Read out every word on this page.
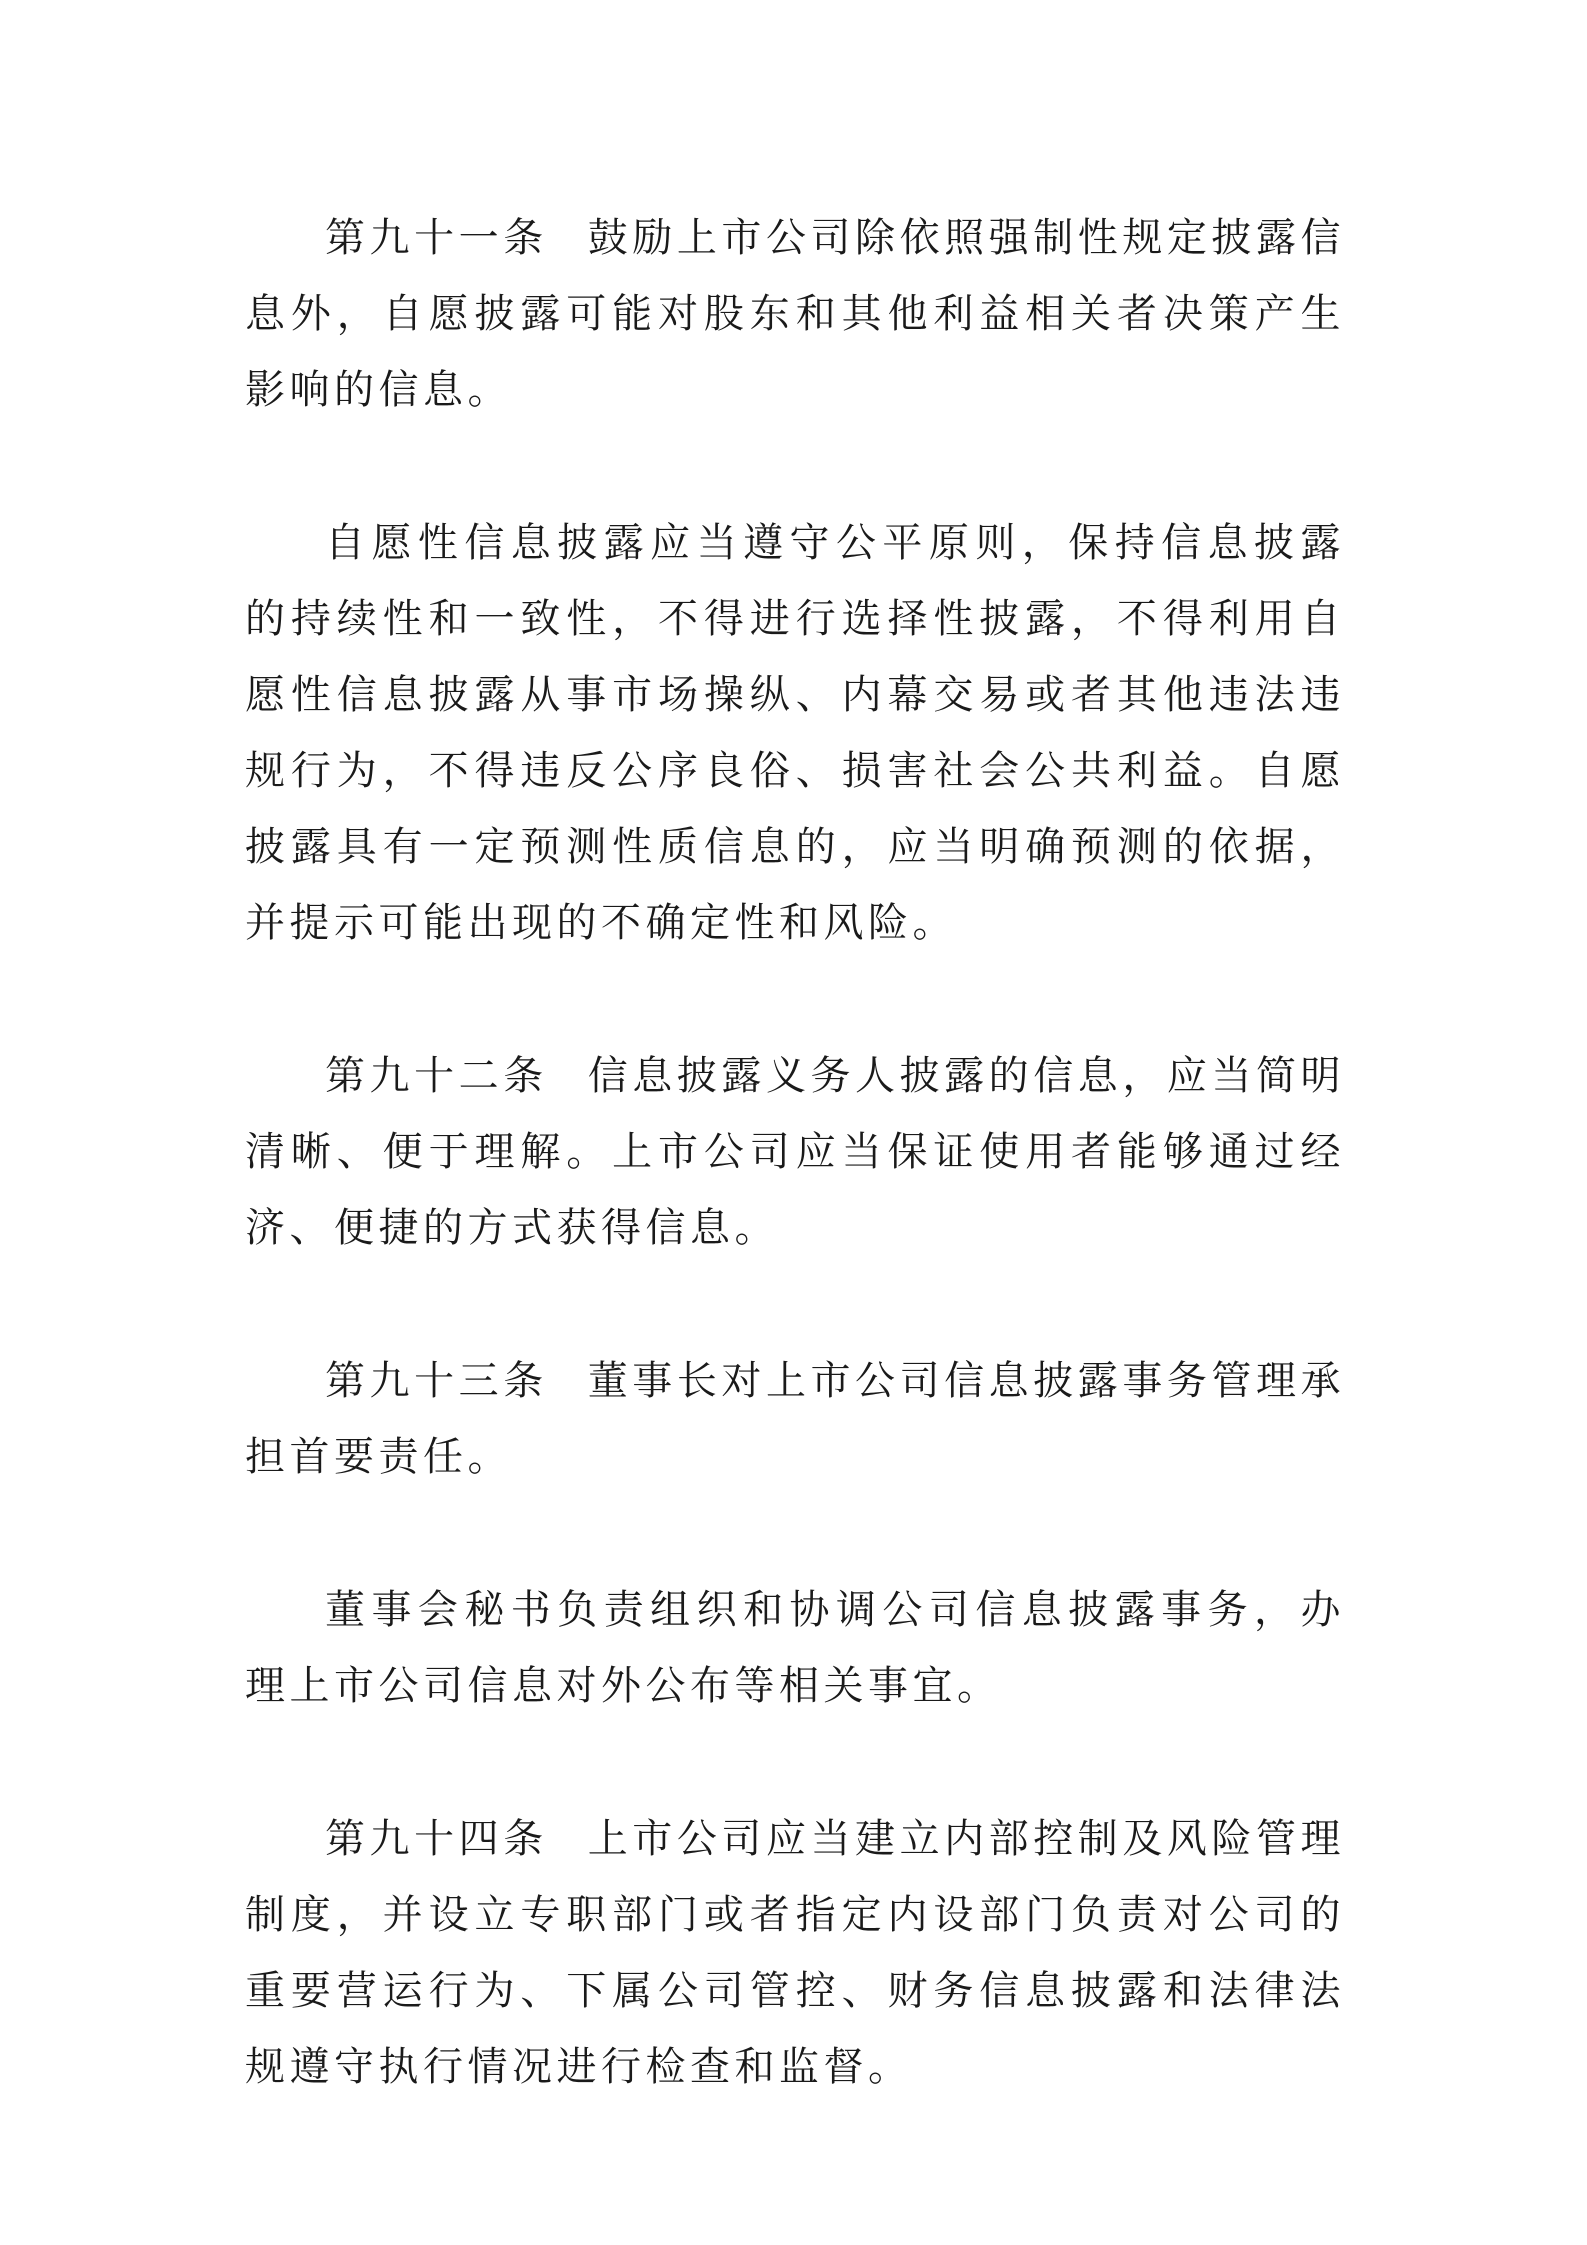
第九十一条 鼓励上市公司除依照强制性规定披露信息外，自愿披露可能对股东和其他利益相关者决策产生影响的信息。

自愿性信息披露应当遵守公平原则，保持信息披露的持续性和一致性，不得进行选择性披露，不得利用自愿性信息披露从事市场操纵、内幕交易或者其他违法违规行为，不得违反公序良俗、损害社会公共利益。自愿披露具有一定预测性质信息的，应当明确预测的依据，并提示可能出现的不确定性和风险。

第九十二条 信息披露义务人披露的信息，应当简明清晰、便于理解。上市公司应当保证使用者能够通过经济、便捷的方式获得信息。

第九十三条 董事长对上市公司信息披露事务管理承担首要责任。

董事会秘书负责组织和协调公司信息披露事务，办理上市公司信息对外公布等相关事宜。

第九十四条 上市公司应当建立内部控制及风险管理制度，并设立专职部门或者指定内设部门负责对公司的重要营运行为、下属公司管控、财务信息披露和法律法规遵守执行情况进行检查和监督。
